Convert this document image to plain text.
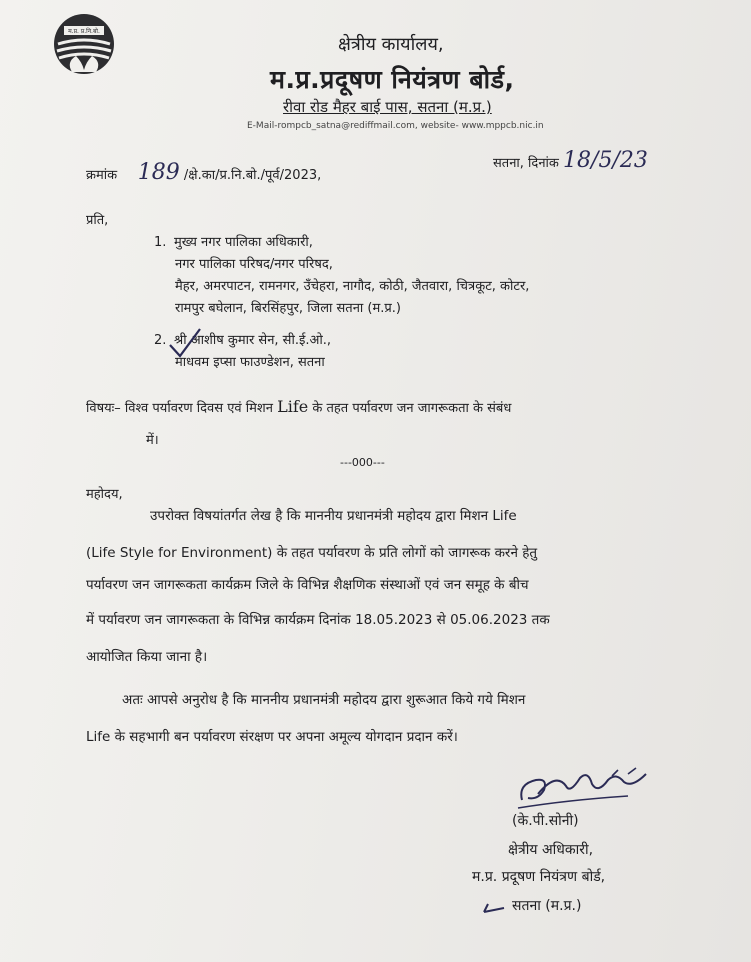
म.प्र. प्र.नि.बो.
क्षेत्रीय कार्यालय,
म.प्र.प्रदूषण नियंत्रण बोर्ड,
रीवा रोड मैहर बाई पास, सतना (म.प्र.)
E-Mail-rompcb_satna@rediffmail.com, website- www.mppcb.nic.in
क्रमांक 189 /क्षे.का/प्र.नि.बो./पूर्व/2023,
सतना, दिनांक 18/5/23
प्रति,
1. मुख्य नगर पालिका अधिकारी,
नगर पालिका परिषद/नगर परिषद,
मैहर, अमरपाटन, रामनगर, उँचेहरा, नागौद, कोठी, जैतवारा, चित्रकूट, कोटर,
रामपुर बघेलान, बिरसिंहपुर, जिला सतना (म.प्र.)
2. श्री आशीष कुमार सेन, सी.ई.ओ.,
माधवम इप्सा फाउण्डेशन, सतना
विषयः– विश्व पर्यावरण दिवस एवं मिशन Life के तहत पर्यावरण जन जागरूकता के संबंध
में।
---000---
महोदय,
उपरोक्त विषयांतर्गत लेख है कि माननीय प्रधानमंत्री महोदय द्वारा मिशन Life
(Life Style for Environment) के तहत पर्यावरण के प्रति लोगों को जागरूक करने हेतु
पर्यावरण जन जागरूकता कार्यक्रम जिले के विभिन्न शैक्षणिक संस्थाओं एवं जन समूह के बीच
में पर्यावरण जन जागरूकता के विभिन्न कार्यक्रम दिनांक 18.05.2023 से 05.06.2023 तक
आयोजित किया जाना है।
अतः आपसे अनुरोध है कि माननीय प्रधानमंत्री महोदय द्वारा शुरूआत किये गये मिशन
Life के सहभागी बन पर्यावरण संरक्षण पर अपना अमूल्य योगदान प्रदान करें।
(के.पी.सोनी)
क्षेत्रीय अधिकारी,
म.प्र. प्रदूषण नियंत्रण बोर्ड,
सतना (म.प्र.)
